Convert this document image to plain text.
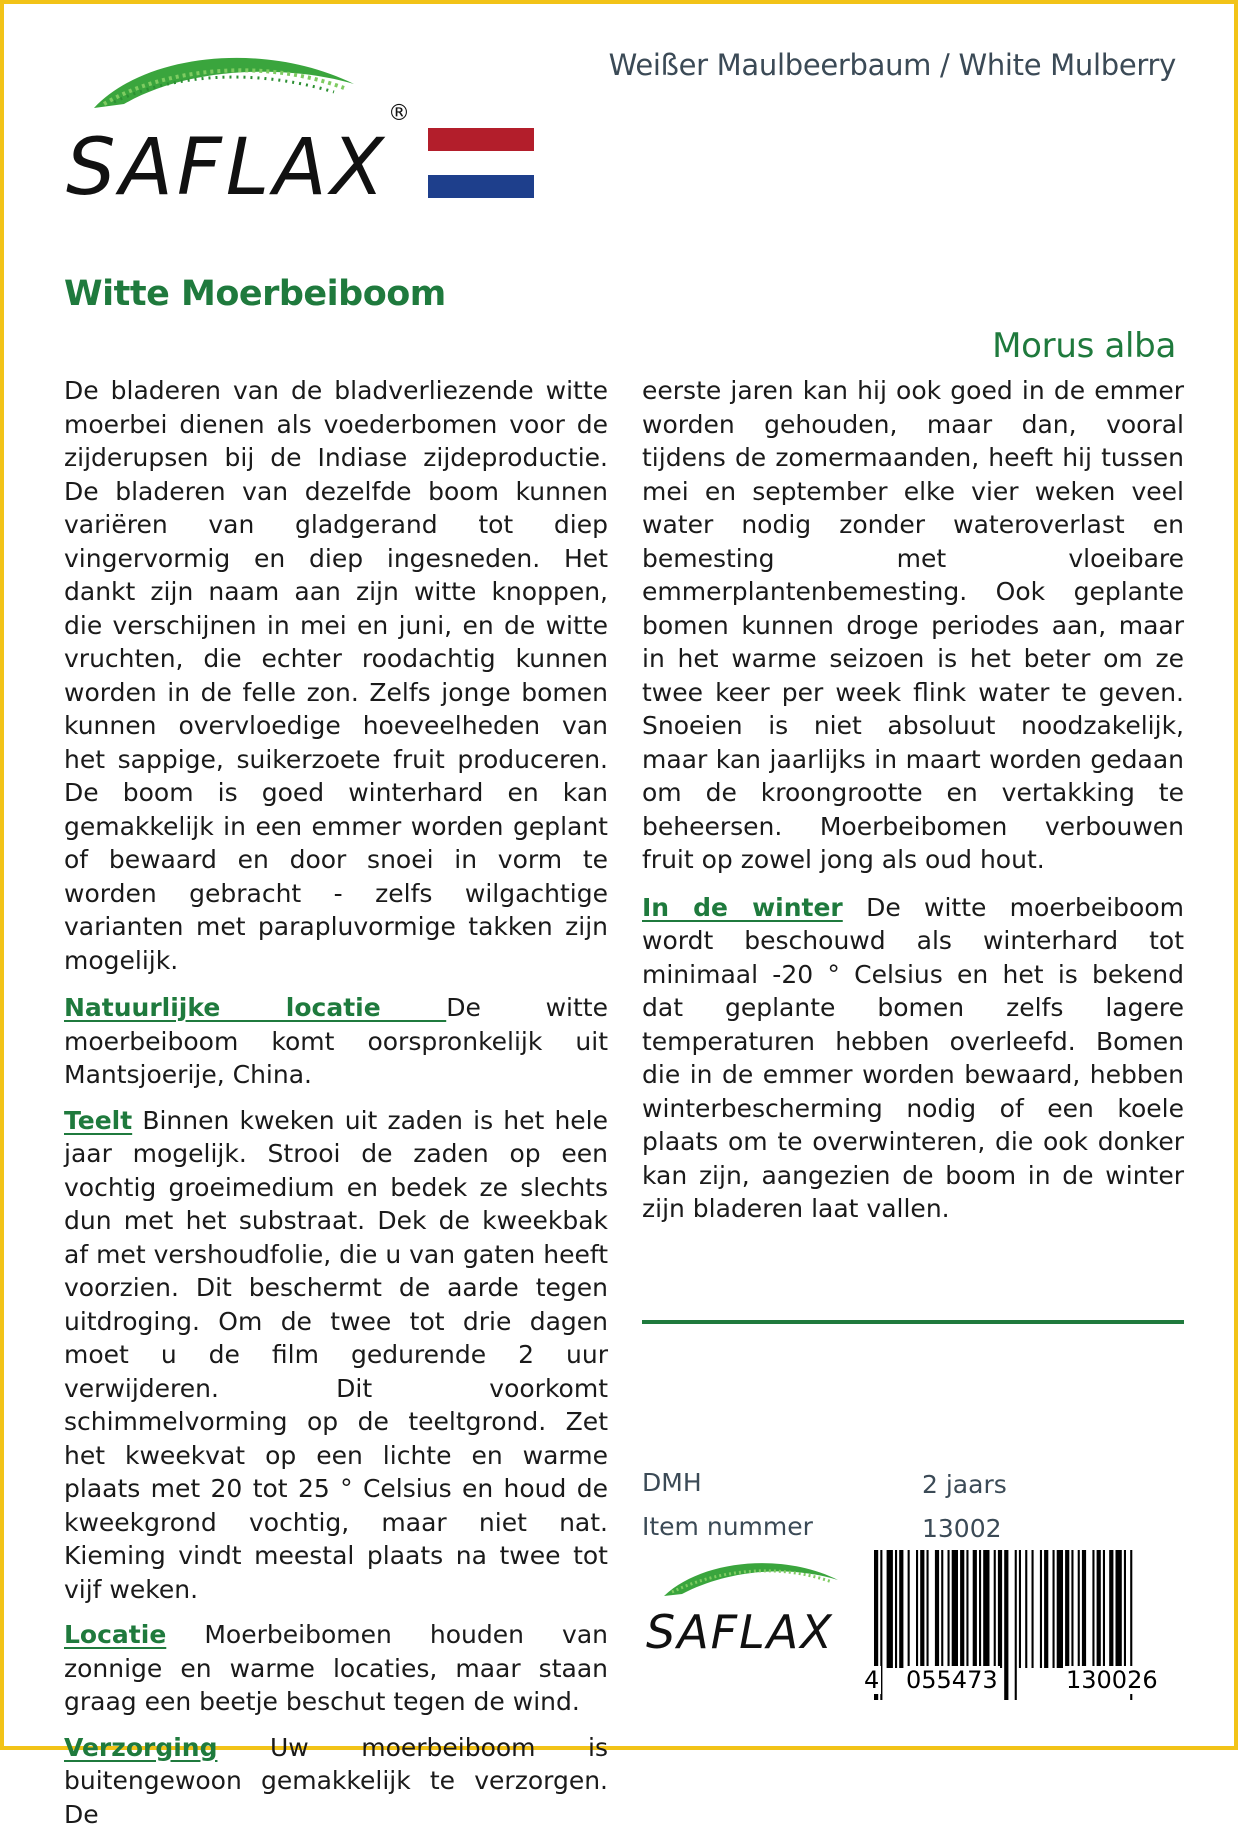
SAFLAX
®
Weißer Maulbeerbaum / White Mulberry
Witte Moerbeiboom
Morus alba

De bladeren van de bladverliezende witte moerbei dienen als voederbomen voor de zijderupsen bij de Indiase zijdeproductie. De bladeren van dezelfde boom kunnen variëren van gladgerand tot diep vingervormig en diep ingesneden. Het dankt zijn naam aan zijn witte knoppen, die verschijnen in mei en juni, en de witte vruchten, die echter roodachtig kunnen worden in de felle zon. Zelfs jonge bomen kunnen overvloedige hoeveelheden van het sappige, suikerzoete fruit produceren. De boom is goed winterhard en kan gemakkelijk in een emmer worden geplant of bewaard en door snoei in vorm te worden gebracht - zelfs wilgachtige varianten met parapluvormige takken zijn mogelijk.

Natuurlijke locatie De witte moerbeiboom komt oorspronkelijk uit Mantsjoerije, China.

Teelt Binnen kweken uit zaden is het hele jaar mogelijk. Strooi de zaden op een vochtig groeimedium en bedek ze slechts dun met het substraat. Dek de kweekbak af met vershoudfolie, die u van gaten heeft voorzien. Dit beschermt de aarde tegen uitdroging. Om de twee tot drie dagen moet u de film gedurende 2 uur verwijderen. Dit voorkomt schimmelvorming op de teeltgrond. Zet het kweekvat op een lichte en warme plaats met 20 tot 25 ° Celsius en houd de kweekgrond vochtig, maar niet nat. Kieming vindt meestal plaats na twee tot vijf weken.

Locatie Moerbeibomen houden van zonnige en warme locaties, maar staan graag een beetje beschut tegen de wind.

Verzorging Uw moerbeiboom is buitengewoon gemakkelijk te verzorgen. De

eerste jaren kan hij ook goed in de emmer worden gehouden, maar dan, vooral tijdens de zomermaanden, heeft hij tussen mei en september elke vier weken veel water nodig zonder wateroverlast en bemesting met vloeibare emmerplantenbemesting. Ook geplante bomen kunnen droge periodes aan, maar in het warme seizoen is het beter om ze twee keer per week flink water te geven. Snoeien is niet absoluut noodzakelijk, maar kan jaarlijks in maart worden gedaan om de kroongrootte en vertakking te beheersen. Moerbeibomen verbouwen fruit op zowel jong als oud hout.

In de winter De witte moerbeiboom wordt beschouwd als winterhard tot minimaal -20 ° Celsius en het is bekend dat geplante bomen zelfs lagere temperaturen hebben overleefd. Bomen die in de emmer worden bewaard, hebben winterbescherming nodig of een koele plaats om te overwinteren, die ook donker kan zijn, aangezien de boom in de winter zijn bladeren laat vallen.

DMH	2 jaars
Item nummer	13002
SAFLAX
4 055473	130026
